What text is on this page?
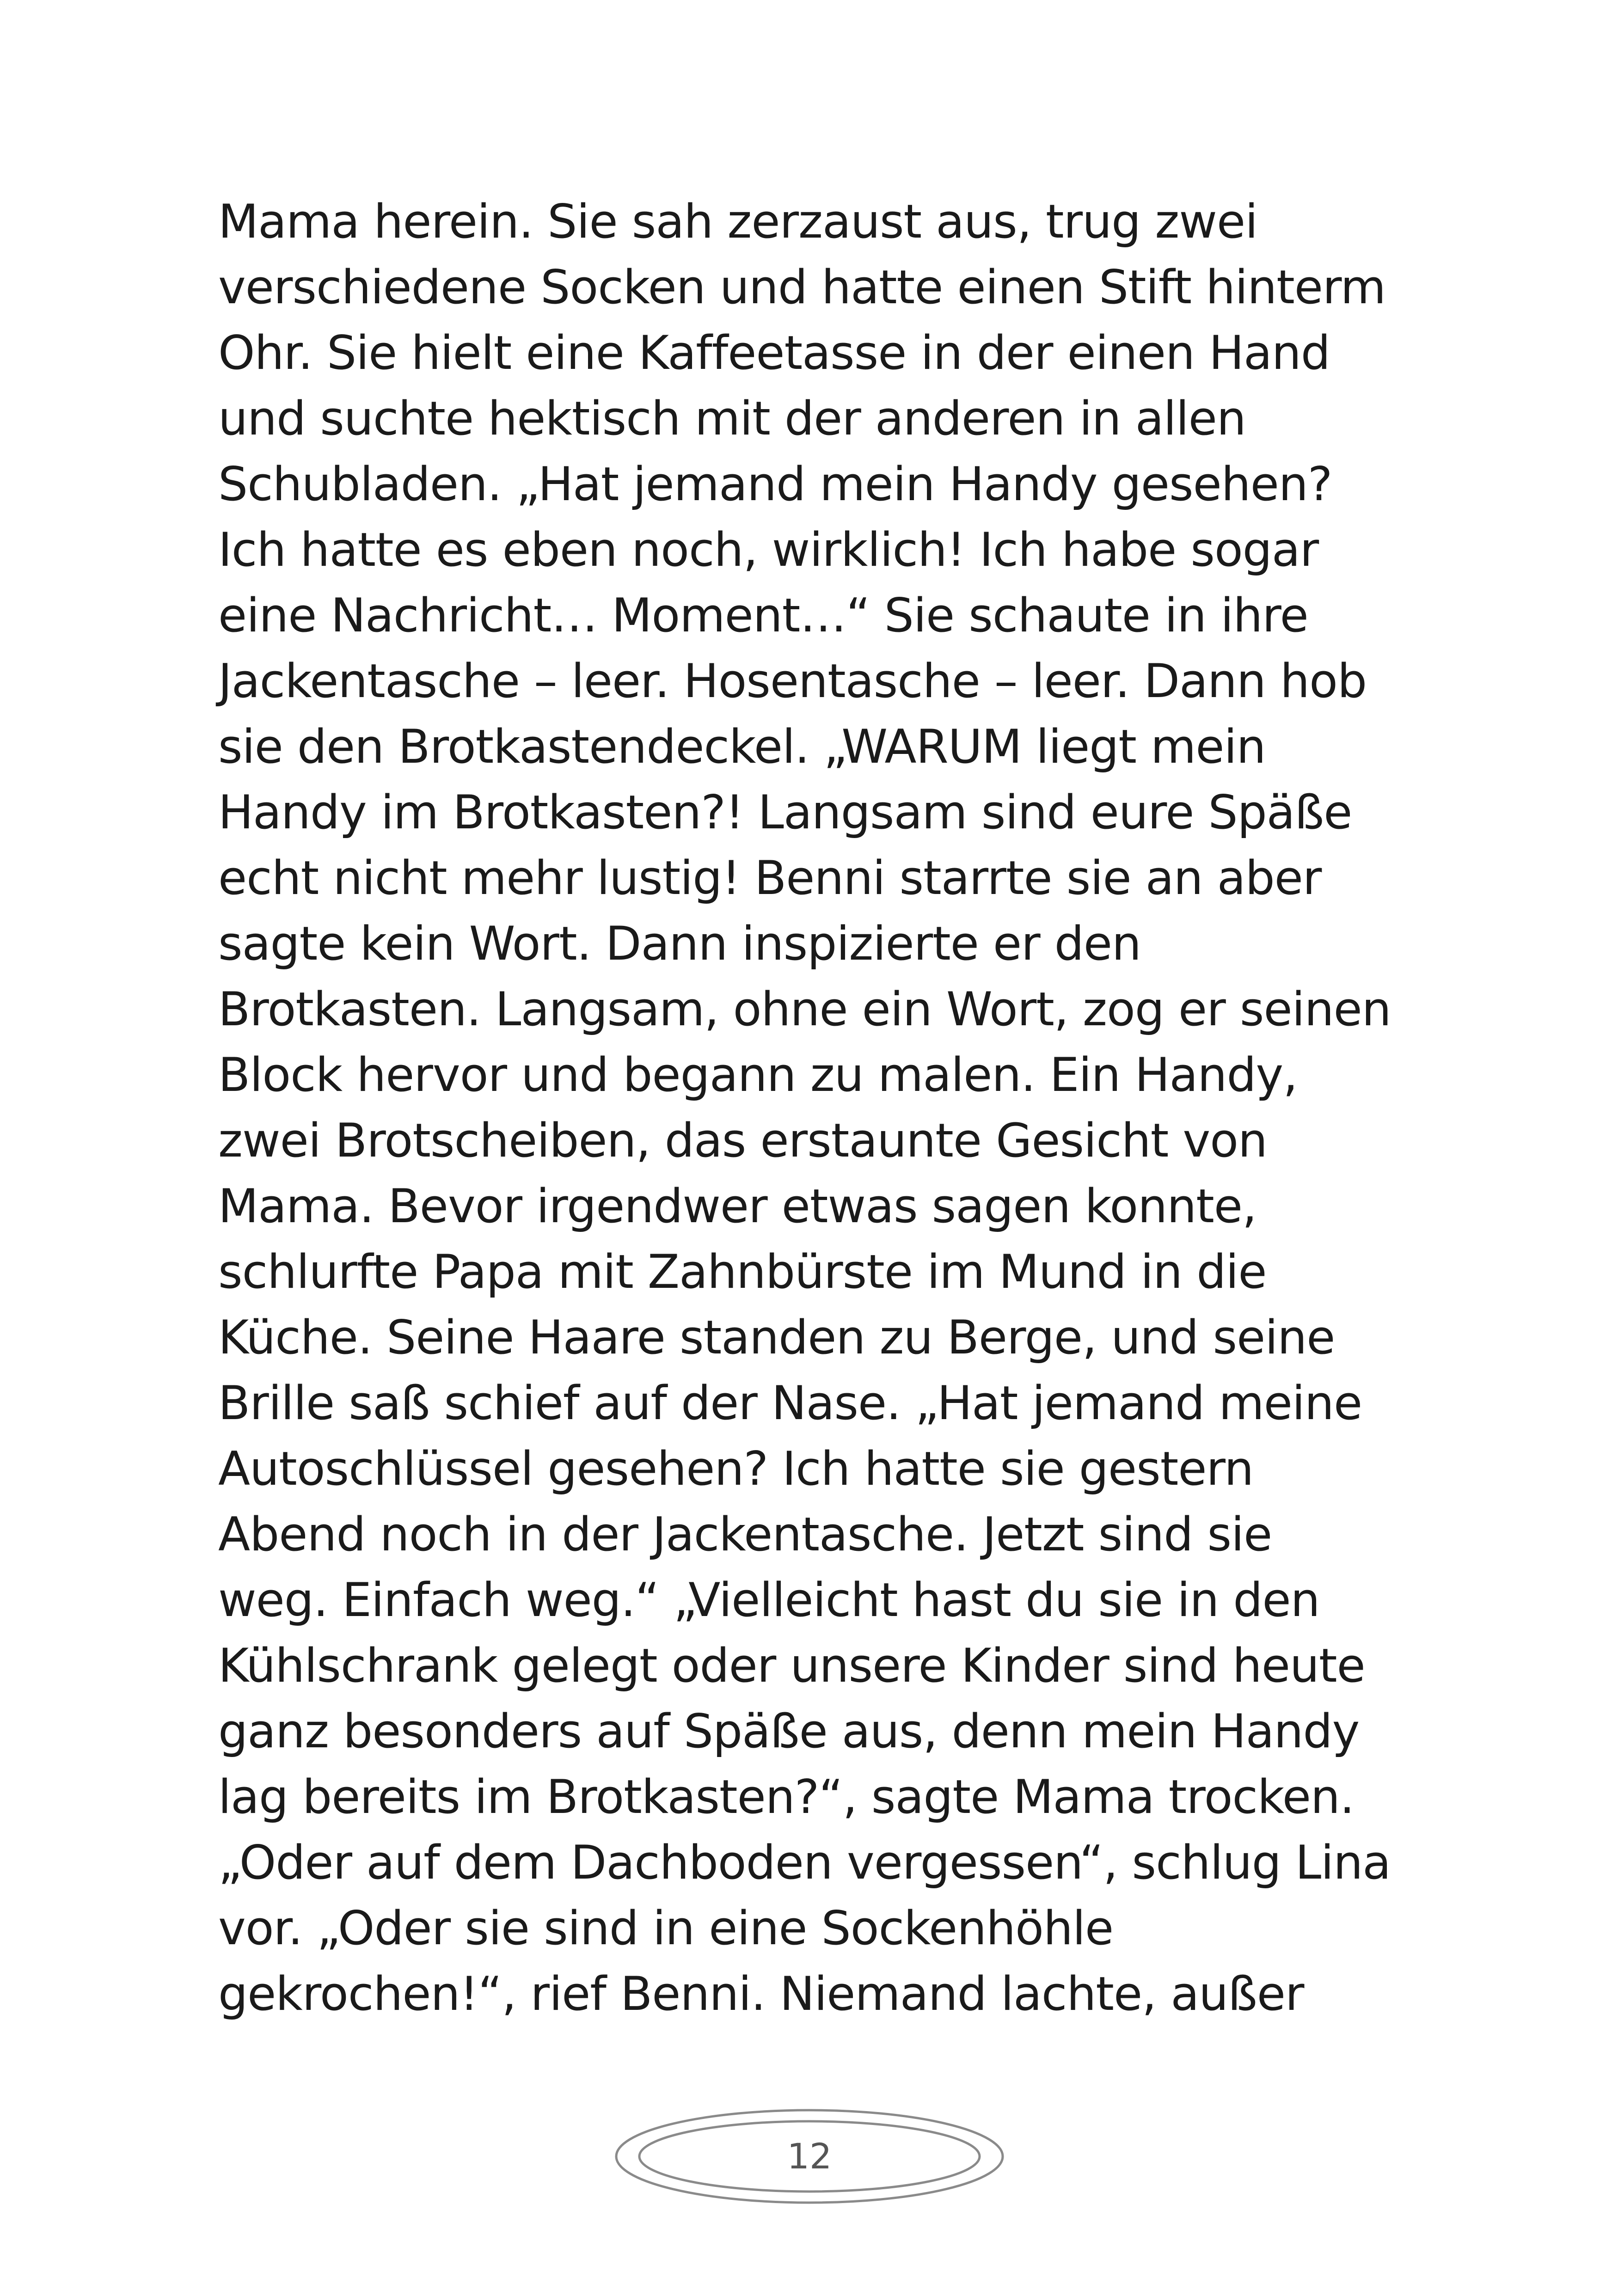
Mama herein. Sie sah zerzaust aus, trug zwei
verschiedene Socken und hatte einen Stift hinterm
Ohr. Sie hielt eine Kaffeetasse in der einen Hand
und suchte hektisch mit der anderen in allen
Schubladen. „Hat jemand mein Handy gesehen?
Ich hatte es eben noch, wirklich! Ich habe sogar
eine Nachricht… Moment…“ Sie schaute in ihre
Jackentasche – leer. Hosentasche – leer. Dann hob
sie den Brotkastendeckel. „WARUM liegt mein
Handy im Brotkasten?! Langsam sind eure Späße
echt nicht mehr lustig! Benni starrte sie an aber
sagte kein Wort. Dann inspizierte er den
Brotkasten. Langsam, ohne ein Wort, zog er seinen
Block hervor und begann zu malen. Ein Handy,
zwei Brotscheiben, das erstaunte Gesicht von
Mama. Bevor irgendwer etwas sagen konnte,
schlurfte Papa mit Zahnbürste im Mund in die
Küche. Seine Haare standen zu Berge, und seine
Brille saß schief auf der Nase. „Hat jemand meine
Autoschlüssel gesehen? Ich hatte sie gestern
Abend noch in der Jackentasche. Jetzt sind sie
weg. Einfach weg.“ „Vielleicht hast du sie in den
Kühlschrank gelegt oder unsere Kinder sind heute
ganz besonders auf Späße aus, denn mein Handy
lag bereits im Brotkasten?“, sagte Mama trocken.
„Oder auf dem Dachboden vergessen“, schlug Lina
vor. „Oder sie sind in eine Sockenhöhle
gekrochen!“, rief Benni. Niemand lachte, außer
12
